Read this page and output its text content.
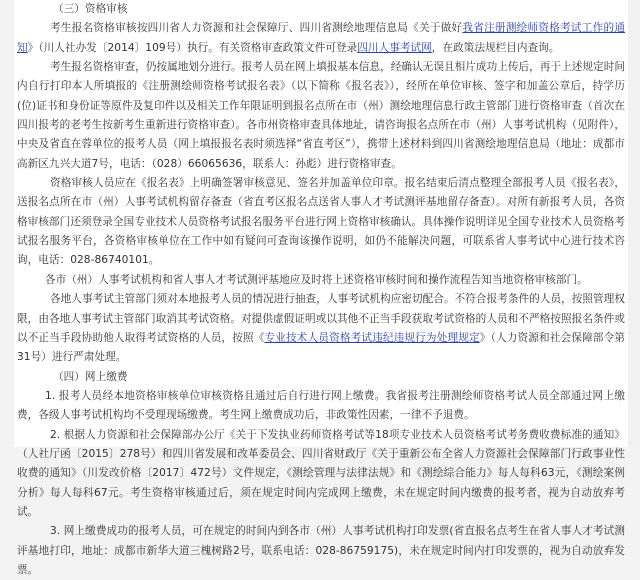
（三）资格审核

考生报名资格审核按四川省人力资源和社会保障厅、四川省测绘地理信息局《关于做好我省注册测绘师资格考试工作的通知》（川人社办发〔2014〕109号）执行。有关资格审查政策文件可登录四川人事考试网，在政策法规栏目内查询。

考生报名资格审查，仍按属地划分进行。报考人员在网上填报基本信息，经确认无误且相片成功上传后，再于上述规定时间内自行打印本人所填报的《注册测绘师资格考试报名表》（以下简称《报名表》），经所在单位审核、签字和加盖公章后，持学历(位)证书和身份证等原件及复印件以及相关工作年限证明到报名点所在市（州）测绘地理信息行政主管部门进行资格审查（首次在四川报考的老考生按新考生重新进行资格审查）。各市州资格审查具体地址，请咨询报名点所在市（州）人事考试机构（见附件），中央及省直在蓉单位的报考人员（网上填报报名表时须选择“省直考区”），携带上述材料到四川省测绘地理信息局（地址：成都市高新区九兴大道7号，电话：（028）66065636，联系人：孙彪）进行资格审查。

资格审核人员应在《报名表》上明确签署审核意见、签名并加盖单位印章。报名结束后清点整理全部报考人员《报名表》，送报名点所在市（州）人事考试机构留存备查（省直考区报名点送省人事人才考试测评基地留存备查）。对所有新报考人员，各资格审核部门还须登录全国专业技术人员资格考试报名服务平台进行网上资格审核确认。具体操作说明详见全国专业技术人员资格考试报名服务平台，各资格审核单位在工作中如有疑问可查询该操作说明，如仍不能解决问题，可联系省人事考试中心进行技术咨询，电话：028-86740101。

各市（州）人事考试机构和省人事人才考试测评基地应及时将上述资格审核时间和操作流程告知当地资格审核部门。

各地人事考试主管部门须对本地报考人员的情况进行抽查，人事考试机构应密切配合。不符合报考条件的人员，按照管理权限，由各地人事考试主管部门取消其考试资格。对提供虚假证明或以其他不正当手段获取考试资格的人员和不严格按照报名条件或以不正当手段协助他人取得考试资格的人员，按照《专业技术人员资格考试违纪违规行为处理规定》（人力资源和社会保障部令第31号）进行严肃处理。

（四）网上缴费

1. 报考人员经本地资格审核单位审核资格且通过后自行进行网上缴费。我省报考注册测绘师资格考试人员全部通过网上缴费，各级人事考试机构均不受理现场缴费。考生网上缴费成功后，非政策性因素，一律不予退费。

2. 根据人力资源和社会保障部办公厅《关于下发执业药师资格考试等18项专业技术人员资格考试考务费收费标准的通知》（人社厅函〔2015〕278号）和四川省发展和改革委员会、四川省财政厅《关于重新公布全省人力资源社会保障部门行政事业性收费的通知》（川发改价格〔2017〕472号）文件规定，《测绘管理与法律法规》和《测绘综合能力》每人每科63元，《测绘案例分析》每人每科67元。考生资格审核通过后，须在规定时间内完成网上缴费，未在规定时间内缴费的报考者，视为自动放弃考试。

3. 网上缴费成功的报考人员，可在规定的时间内到各市（州）人事考试机构打印发票(省直报名点考生在省人事人才考试测评基地打印，地址：成都市新华大道三槐树路2号，联系电话：028-86759175)，未在规定时间内打印发票的，视为自动放弃发票。
